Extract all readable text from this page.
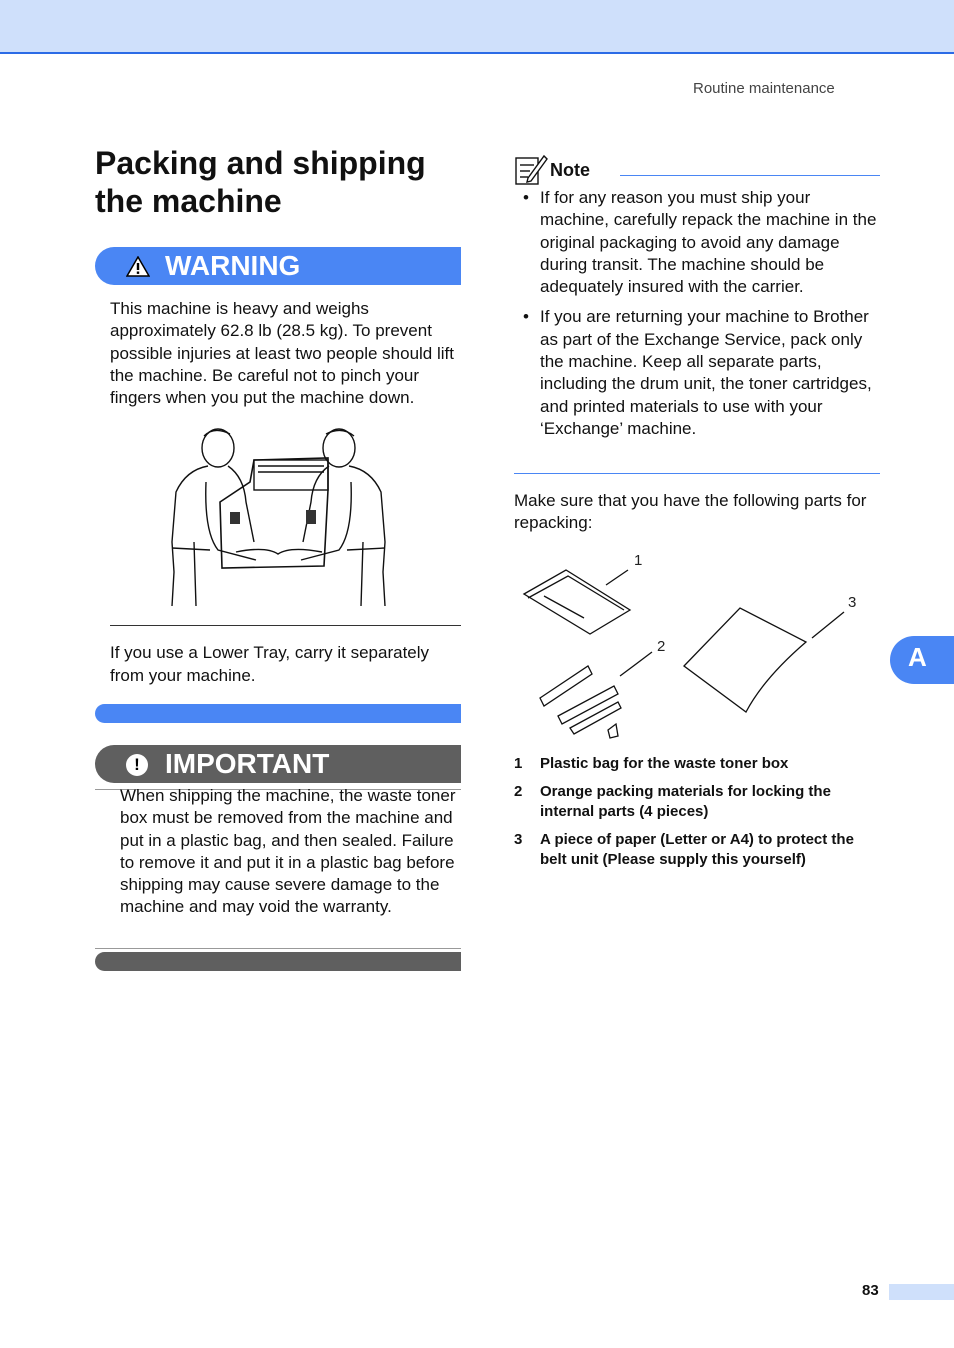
Routine maintenance
Packing and shipping the machine
WARNING
This machine is heavy and weighs approximately 62.8 lb (28.5 kg). To prevent possible injuries at least two people should lift the machine. Be careful not to pinch your fingers when you put the machine down.
If you use a Lower Tray, carry it separately from your machine.
! IMPORTANT
When shipping the machine, the waste toner box must be removed from the machine and put in a plastic bag, and then sealed. Failure to remove it and put it in a plastic bag before shipping may cause severe damage to the machine and may void the warranty.
Note
• If for any reason you must ship your machine, carefully repack the machine in the original packaging to avoid any damage during transit. The machine should be adequately insured with the carrier.
• If you are returning your machine to Brother as part of the Exchange Service, pack only the machine. Keep all separate parts, including the drum unit, the toner cartridges, and printed materials to use with your ‘Exchange’ machine.
Make sure that you have the following parts for repacking:
1
2
3
1 Plastic bag for the waste toner box
2 Orange packing materials for locking the internal parts (4 pieces)
3 A piece of paper (Letter or A4) to protect the belt unit (Please supply this yourself)
A
83
